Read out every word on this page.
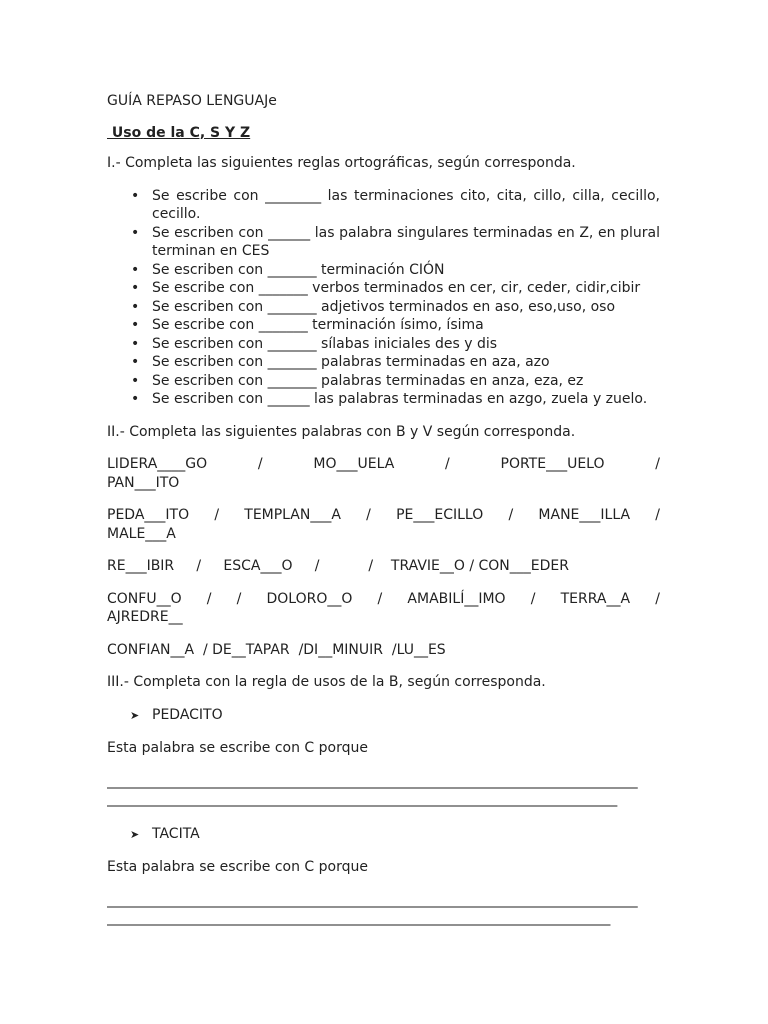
GUÍA REPASO LENGUAJe

Uso de la C, S Y Z

I.- Completa las siguientes reglas ortográficas, según corresponda.

• Se escribe con ________ las terminaciones cito, cita, cillo, cilla, cecillo, cecillo.
• Se escriben con ______ las palabra singulares terminadas en Z, en plural terminan en CES
• Se escriben con _______ terminación CIÓN
• Se escribe con _______ verbos terminados en cer, cir, ceder, cidir,cibir
• Se escriben con _______ adjetivos terminados en aso, eso,uso, oso
• Se escribe con _______ terminación ísimo, ísima
• Se escriben con _______ sílabas iniciales des y dis
• Se escriben con _______ palabras terminadas en aza, azo
• Se escriben con _______ palabras terminadas en anza, eza, ez
• Se escriben con ______ las palabras terminadas en azgo, zuela y zuelo.

II.- Completa las siguientes palabras con B y V según corresponda.

LIDERA____GO	/	MO___UELA	/	PORTE___UELO	/
PAN___ITO
PEDA___ITO / TEMPLAN___A / PE___ECILLO / MANE___ILLA /
MALE___A

RE___IBIR     /     ESCA___O     /           /    TRAVIE__O / CON___EDER

CONFU__O / / DOLORO__O / AMABILÍ__IMO / TERRA__A /
AJREDRE__

CONFIAN__A  / DE__TAPAR  /DI__MINUIR  /LU__ES

III.- Completa con la regla de usos de la B, según corresponda.

➤ PEDACITO

Esta palabra se escribe con C porque

______________________________________________________________________________
___________________________________________________________________________
➤ TACITA

Esta palabra se escribe con C porque

______________________________________________________________________________
__________________________________________________________________________
